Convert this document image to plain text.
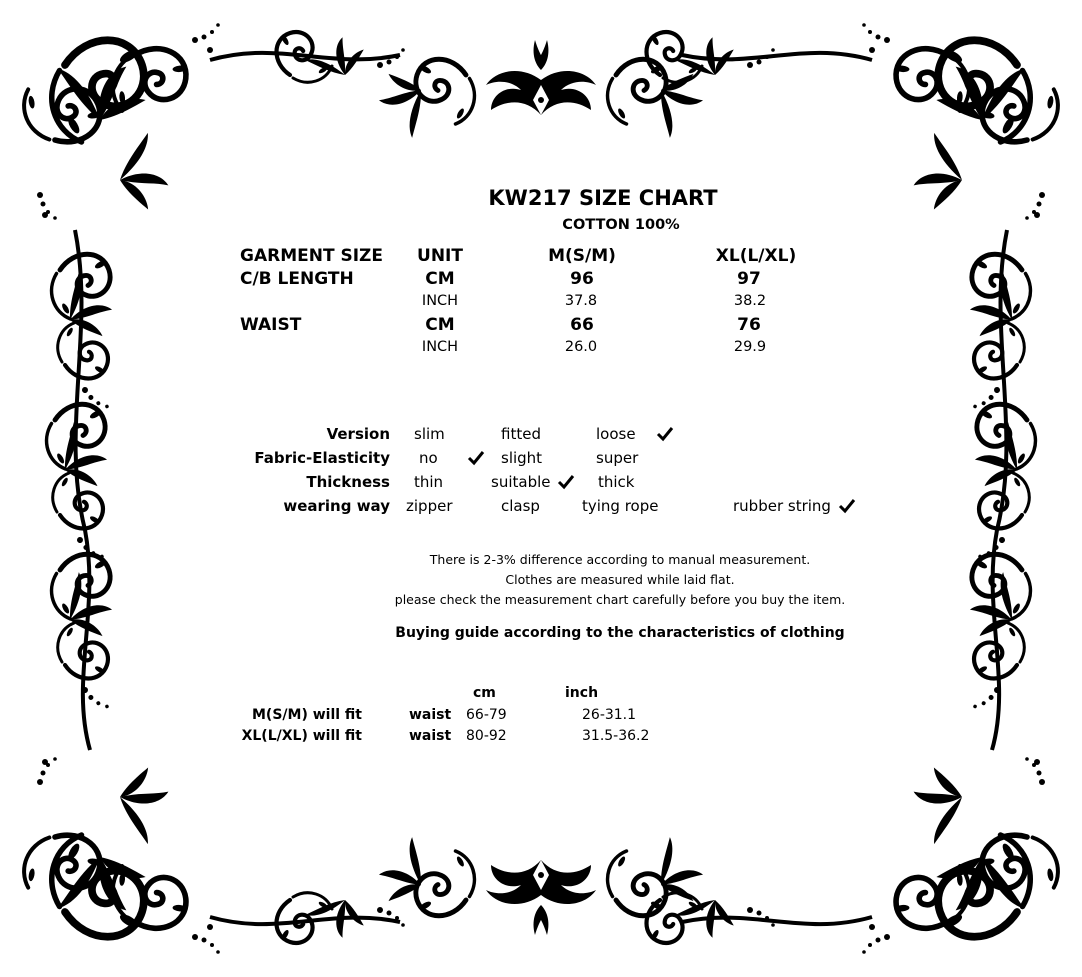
KW217 SIZE CHART
COTTON 100%
GARMENT SIZE UNIT	M(S/M)	XL(L/XL)
C/B LENGTH	CM	96	97
INCH	37.8	38.2
WAIST	CM	66	76
INCH	26.0	29.9
Version slim	fitted	loose
Fabric-Elasticity no	slight	super
Thickness thin	suitable	thick
wearing way zipper	clasp	tying rope	rubber string
There is 2-3% difference according to manual measurement.
Clothes are measured while laid flat.
please check the measurement chart carefully before you buy the item.
Buying guide according to the characteristics of clothing
cm	inch
M(S/M) will fit	waist 66-79	26-31.1
XL(L/XL) will fit	waist 80-92	31.5-36.2
